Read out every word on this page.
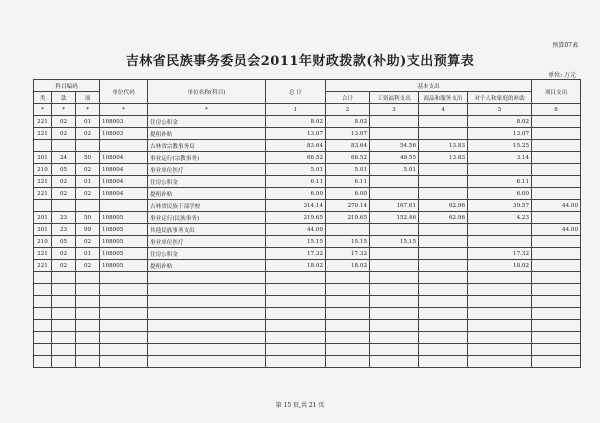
预算07表
吉林省民族事务委员会2011年财政拨款(补助)支出预算表
单位: 万元
科目编码			单位代码	单位名称(科目)	总 计	基本支出				项目支出
类	款	项				合计	工资福利支出	商品和服务支出	对个人和家庭的补助	
*	*	*	*	*	1	2	3	4	5	6
221	02	01	108003	住房公积金	8.02	8.02			8.02	
221	02	02	108003	提租补贴	13.07	13.07			13.07	
				吉林省宗教事务局	83.64	83.64	54.56	13.83	15.25	
201	24	50	108004	事业运行(宗教事务)	66.52	66.52	49.55	13.83	3.14	
210	05	02	108004	事业单位医疗	5.01	5.01	5.01			
221	02	01	108004	住房公积金	6.11	6.11			6.11	
221	02	02	108004	提租补贴	6.00	6.00			6.00	
				吉林省民族干部学校	314.14	270.14	167.61	62.96	39.57	44.00
201	23	50	108005	事业运行(民族事务)	219.65	219.65	152.46	62.96	4.23	
201	23	99	108005	其他民族事务支出	44.00					44.00
210	05	02	108005	事业单位医疗	15.15	15.15	15.15			
221	02	01	108005	住房公积金	17.32	17.32			17.32	
221	02	02	108005	提租补贴	18.02	18.02			18.02	

第 15 页,共 21 页
